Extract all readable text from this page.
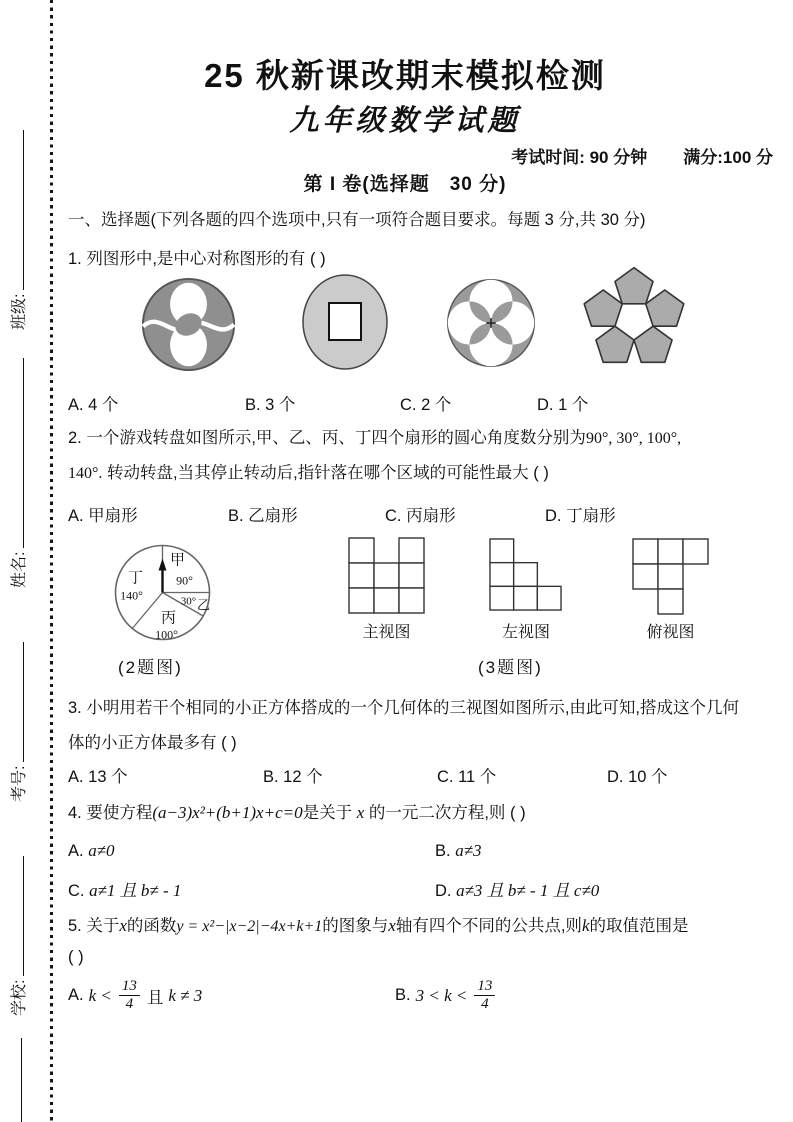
班级:
姓名:
考号:
学校:
25 秋新课改期末模拟检测
九年级数学试题
考试时间: 90 分钟 满分:100 分
第 I 卷(选择题　30 分)
一、选择题(下列各题的四个选项中,只有一项符合题目要求。每题 3 分,共 30 分)
1. 列图形中,是中心对称图形的有 ( )
A. 4 个	B. 3 个	C. 2 个	D. 1 个
2. 一个游戏转盘如图所示,甲、乙、丙、丁四个扇形的圆心角度数分别为90°, 30°, 100°,
140°. 转动转盘,当其停止转动后,指针落在哪个区域的可能性最大 ( )
A. 甲扇形	B. 乙扇形	C. 丙扇形	D. 丁扇形
甲
90°
30° 乙
丙
100°
丁
140°
主视图	左视图	俯视图
(2题图)	(3题图)
3. 小明用若干个相同的小正方体搭成的一个几何体的三视图如图所示,由此可知,搭成这个几何
体的小正方体最多有 ( )
A. 13 个	B. 12 个	C. 11 个	D. 10 个
4. 要使方程(a−3)x²+(b+1)x+c=0是关于 x 的一元二次方程,则 ( )
A. a≠0	B. a≠3
C. a≠1 且 b≠ - 1	D. a≠3 且 b≠ - 1 且 c≠0
5. 关于x的函数y = x²−|x−2|−4x+k+1的图象与x轴有四个不同的公共点,则k的取值范围是
( )
A. $k < \frac{13}{4}$ 且 k ≠ 3	B. $3 < k < \frac{13}{4}$
